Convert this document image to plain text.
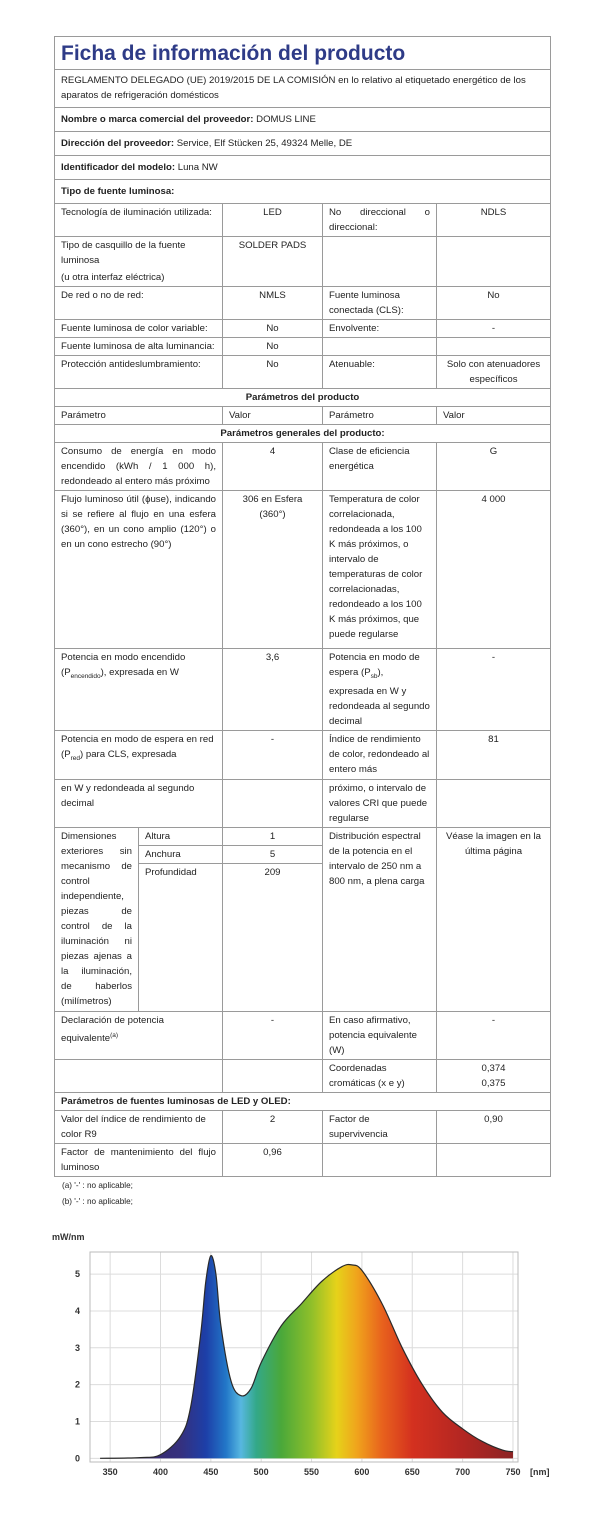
Ficha de información del producto				
REGLAMENTO DELEGADO (UE) 2019/2015 DE LA COMISIÓN en lo relativo al etiquetado energético de los aparatos de refrigeración domésticos				
Nombre o marca comercial del proveedor: DOMUS LINE				
Dirección del proveedor: Service, Elf Stücken 25, 49324 Melle, DE				
Identificador del modelo: Luna NW				
Tipo de fuente luminosa:				
Tecnología de iluminación utilizada:		LED	No direccional o direccional:	NDLS

Tipo de casquillo de la fuente luminosa
(u otra interfaz eléctrica)		SOLDER PADS		
De red o no de red:		NMLS	Fuente luminosa conectada (CLS):	No
Fuente luminosa de color variable:		No	Envolvente:	-
Fuente luminosa de alta luminancia:		No		
Protección antideslumbramiento:		No	Atenuable:	Solo con atenuadores específicos
Parámetros del producto				
Parámetro		Valor	Parámetro	Valor
Parámetros generales del producto:				
Consumo de energía en modo encendido (kWh / 1 000 h), redondeado al entero más próximo		4	Clase de eficiencia energética	G
Flujo luminoso útil (ϕuse), indicando si se refiere al flujo en una esfera (360°), en un cono amplio (120°) o en un cono estrecho (90°)		306 en Esfera (360°)	Temperatura de color correlacionada, redondeada a los 100 K más próximos, o intervalo de temperaturas de color correlacionadas, redondeado a los 100 K más próximos, que puede regularse	4 000
Potencia en modo encendido $(P_{encendido})$, expresada en W		3,6	Potencia en modo de espera $(P_{sb})$, expresada en W y redondeada al segundo decimal	-
Potencia en modo de espera en red $(P_{red})$ para CLS, expresada		-	Índice de rendimiento de color, redondeado al entero más	81
en W y redondeada al segundo decimal			próximo, o intervalo de valores CRI que puede regularse	
Dimensiones exteriores sin mecanismo de control independiente, piezas de control de la iluminación ni piezas ajenas a la iluminación, de haberlos (milímetros)	Altura	1	Distribución espectral de la potencia en el intervalo de 250 nm a 800 nm, a plena carga	Véase la imagen en la última página
	Anchura	5		
	Profundidad	209		
Declaración de potencia equivalente$^{(a)}$		-	En caso afirmativo, potencia equivalente (W)	-
			Coordenadas cromáticas (x e y)	0,374
0,375

Parámetros de fuentes luminosas de LED y OLED:				
Valor del índice de rendimiento de color R9		2	Factor de supervivencia	0,90
Factor de mantenimiento del flujo luminoso		0,96		
(a) '-' : no aplicable;
(b) '-' : no aplicable;
350	400	450	500	550	600	650	700	750
0
1
2
3
4
5
mW/nm
[nm]
